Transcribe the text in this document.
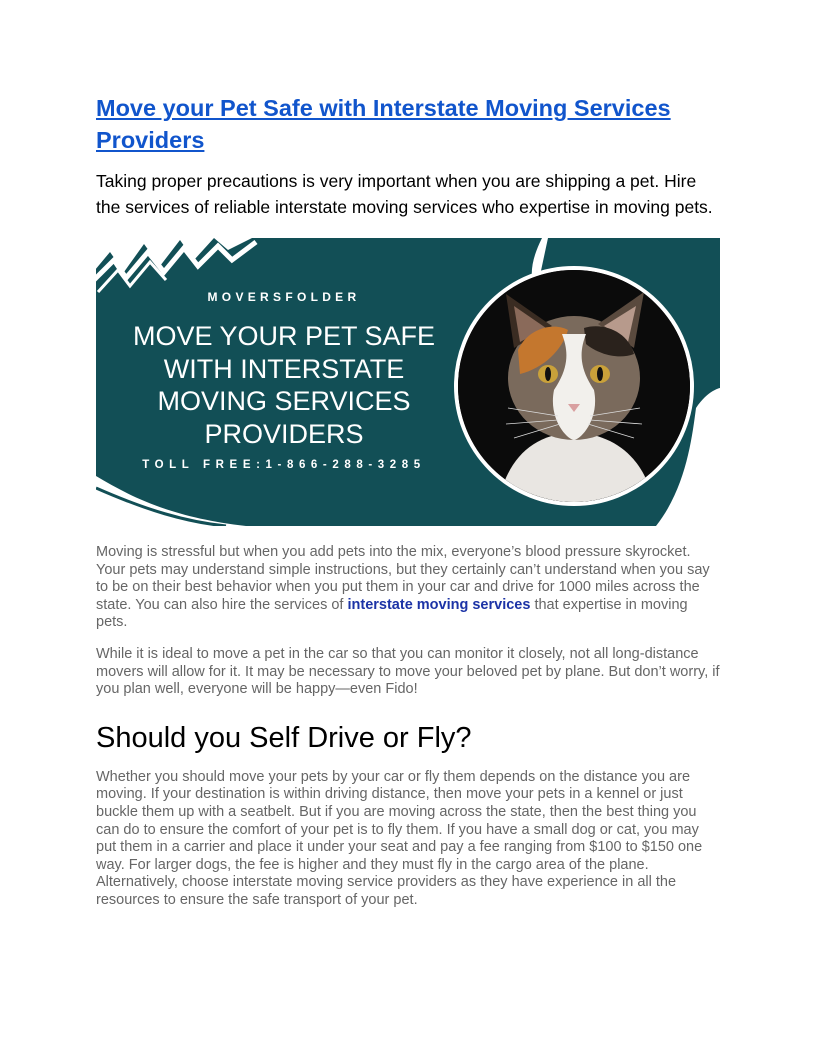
Move your Pet Safe with Interstate Moving Services Providers

Taking proper precautions is very important when you are shipping a pet. Hire the services of reliable interstate moving services who expertise in moving pets.

MOVERSFOLDER
MOVE YOUR PET SAFE
WITH INTERSTATE
MOVING SERVICES
PROVIDERS
TOLL FREE:1-866-288-3285

Moving is stressful but when you add pets into the mix, everyone’s blood pressure skyrocket. Your pets may understand simple instructions, but they certainly can’t understand when you say to be on their best behavior when you put them in your car and drive for 1000 miles across the state. You can also hire the services of interstate moving services that expertise in moving pets.

While it is ideal to move a pet in the car so that you can monitor it closely, not all long-distance movers will allow for it. It may be necessary to move your beloved pet by plane. But don’t worry, if you plan well, everyone will be happy—even Fido!

Should you Self Drive or Fly?

Whether you should move your pets by your car or fly them depends on the distance you are moving. If your destination is within driving distance, then move your pets in a kennel or just buckle them up with a seatbelt. But if you are moving across the state, then the best thing you can do to ensure the comfort of your pet is to fly them. If you have a small dog or cat, you may put them in a carrier and place it under your seat and pay a fee ranging from $100 to $150 one way. For larger dogs, the fee is higher and they must fly in the cargo area of the plane. Alternatively, choose interstate moving service providers as they have experience in all the resources to ensure the safe transport of your pet.
